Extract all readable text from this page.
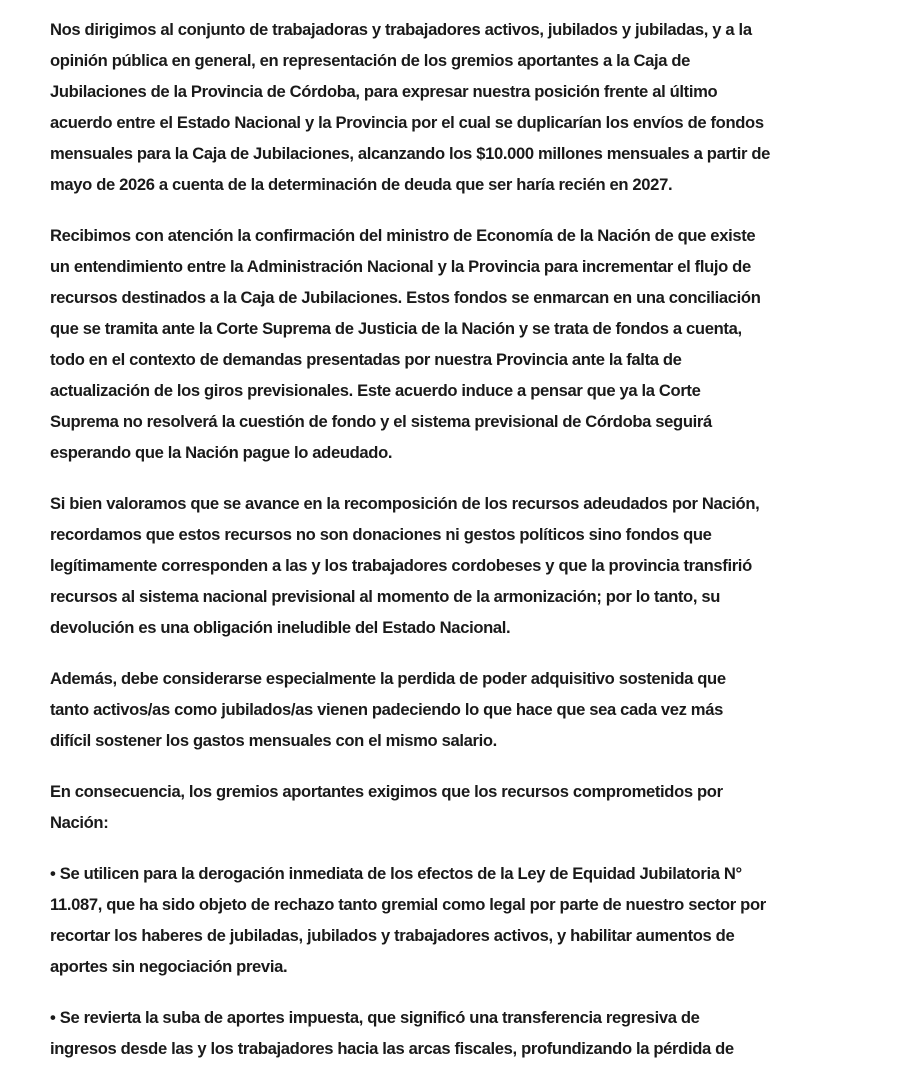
Nos dirigimos al conjunto de trabajadoras y trabajadores activos, jubilados y jubiladas, y a la
opinión pública en general, en representación de los gremios aportantes a la Caja de
Jubilaciones de la Provincia de Córdoba, para expresar nuestra posición frente al último
acuerdo entre el Estado Nacional y la Provincia por el cual se duplicarían los envíos de fondos
mensuales para la Caja de Jubilaciones, alcanzando los $10.000 millones mensuales a partir de
mayo de 2026 a cuenta de la determinación de deuda que ser haría recién en 2027.

Recibimos con atención la confirmación del ministro de Economía de la Nación de que existe
un entendimiento entre la Administración Nacional y la Provincia para incrementar el flujo de
recursos destinados a la Caja de Jubilaciones. Estos fondos se enmarcan en una conciliación
que se tramita ante la Corte Suprema de Justicia de la Nación y se trata de fondos a cuenta,
todo en el contexto de demandas presentadas por nuestra Provincia ante la falta de
actualización de los giros previsionales. Este acuerdo induce a pensar que ya la Corte
Suprema no resolverá la cuestión de fondo y el sistema previsional de Córdoba seguirá
esperando que la Nación pague lo adeudado.

Si bien valoramos que se avance en la recomposición de los recursos adeudados por Nación,
recordamos que estos recursos no son donaciones ni gestos políticos sino fondos que
legítimamente corresponden a las y los trabajadores cordobeses y que la provincia transfirió
recursos al sistema nacional previsional al momento de la armonización; por lo tanto, su
devolución es una obligación ineludible del Estado Nacional.

Además, debe considerarse especialmente la perdida de poder adquisitivo sostenida que
tanto activos/as como jubilados/as vienen padeciendo lo que hace que sea cada vez más
difícil sostener los gastos mensuales con el mismo salario.

En consecuencia, los gremios aportantes exigimos que los recursos comprometidos por
Nación:

• Se utilicen para la derogación inmediata de los efectos de la Ley de Equidad Jubilatoria N°
11.087, que ha sido objeto de rechazo tanto gremial como legal por parte de nuestro sector por
recortar los haberes de jubiladas, jubilados y trabajadores activos, y habilitar aumentos de
aportes sin negociación previa.

• Se revierta la suba de aportes impuesta, que significó una transferencia regresiva de
ingresos desde las y los trabajadores hacia las arcas fiscales, profundizando la pérdida de
